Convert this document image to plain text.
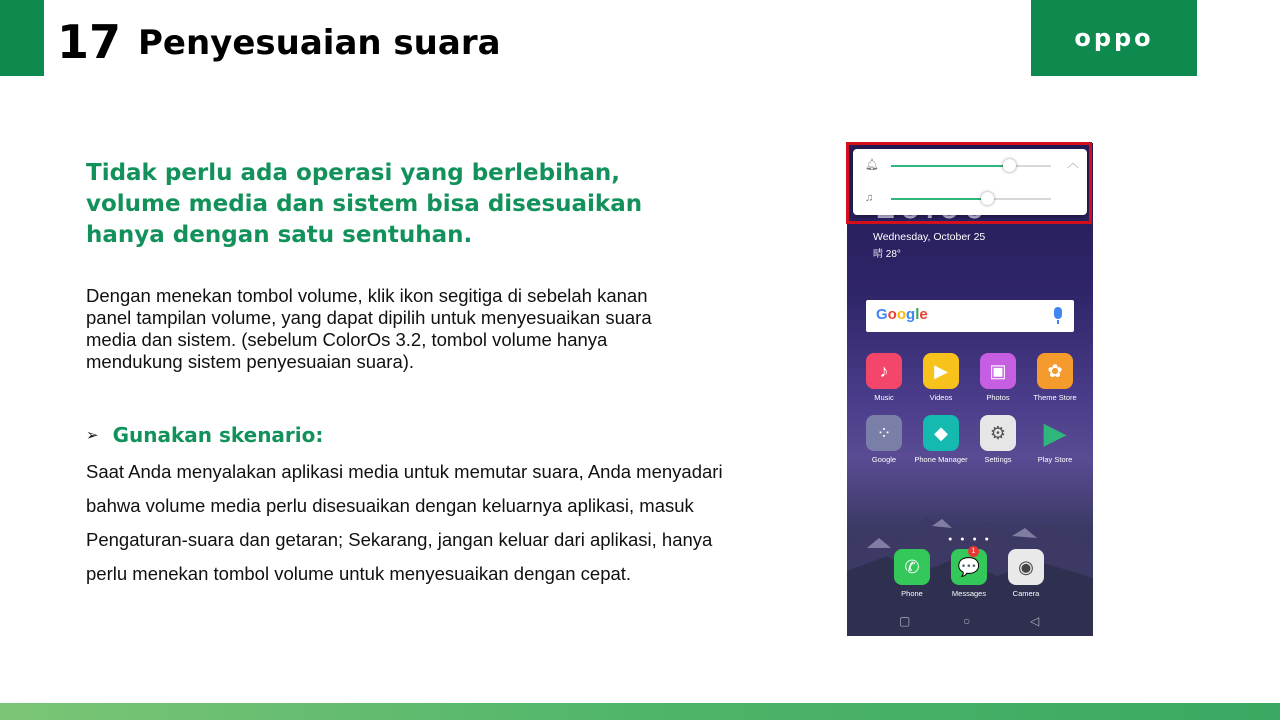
17 Penyesuaian suara	oppo
Tidak perlu ada operasi yang berlebihan, volume media dan sistem bisa disesuaikan hanya dengan satu sentuhan.
Dengan menekan tombol volume, klik ikon segitiga di sebelah kanan panel tampilan volume, yang dapat dipilih untuk menyesuaikan suara media dan sistem. (sebelum ColorOs 3.2, tombol volume hanya mendukung sistem penyesuaian suara).
➢ Gunakan skenario:
Saat Anda menyalakan aplikasi media untuk memutar suara, Anda menyadari bahwa volume media perlu disesuaikan dengan keluarnya aplikasi, masuk Pengaturan-suara dan getaran; Sekarang, jangan keluar dari aplikasi, hanya perlu menekan tombol volume untuk menyesuaikan dengan cepat.
Wednesday, October 25
晴 28°
🔔︎	︿
♫
Google
♪
Music
▶
Videos
▣
Photos
✿
Theme Store
⁘
Google
◆
Phone Manager
⚙
Settings
▶
Play Store
● ● ● ●
✆
Phone
💬
1
Messages
◉
Camera
▢	○	◁
